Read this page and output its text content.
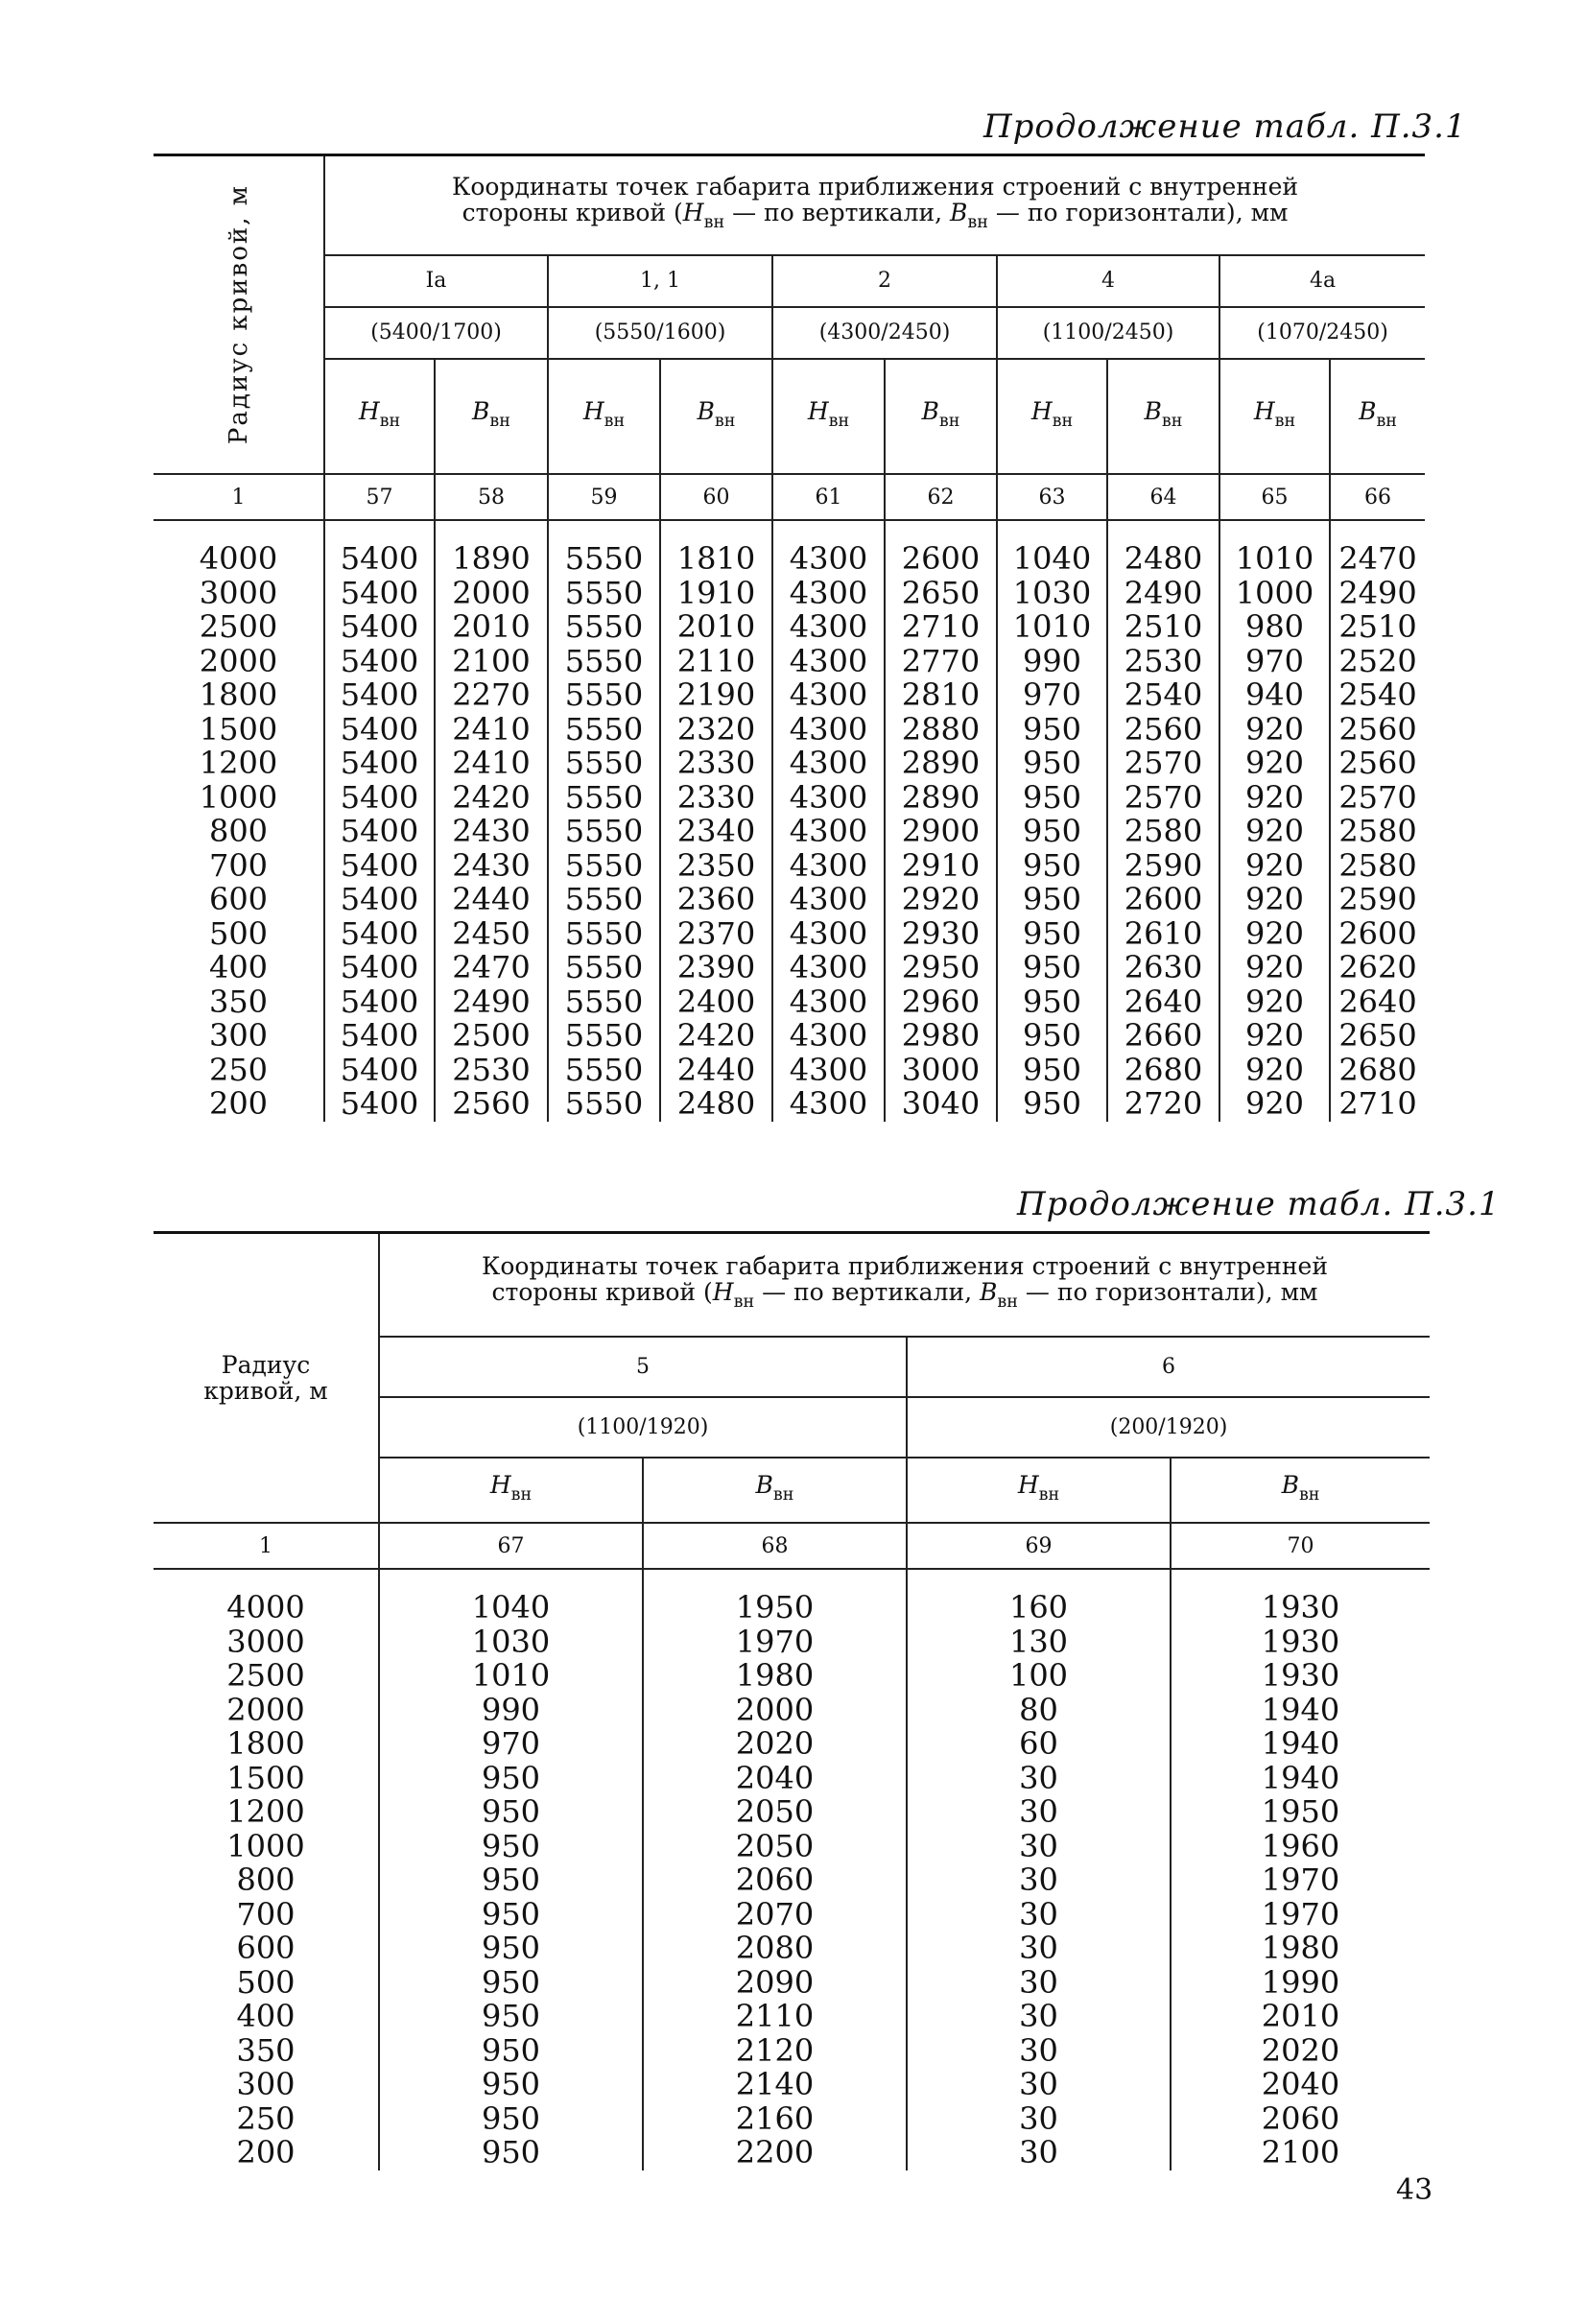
Продолжение табл. П.3.1
Радиус кривой, м	Координаты точек габарита приближения строений с внутренней
стороны кривой ($H_{вн}$ — по вертикали, $B_{вн}$ — по горизонтали), мм									

	Ia		1, 1		2		4		4a	
	(5400/1700)		(5550/1600)		(4300/2450)		(1100/2450)		(1070/2450)	
	$H_{вн}$	$B_{вн}$	$H_{вн}$	$B_{вн}$	$H_{вн}$	$B_{вн}$	$H_{вн}$	$B_{вн}$	$H_{вн}$	$B_{вн}$
1	57	58	59	60	61	62	63	64	65	66

4000	5400	1890	5550	1810	4300	2600	1040	2480	1010	2470
3000	5400	2000	5550	1910	4300	2650	1030	2490	1000	2490
2500	5400	2010	5550	2010	4300	2710	1010	2510	980	2510
2000	5400	2100	5550	2110	4300	2770	990	2530	970	2520
1800	5400	2270	5550	2190	4300	2810	970	2540	940	2540
1500	5400	2410	5550	2320	4300	2880	950	2560	920	2560
1200	5400	2410	5550	2330	4300	2890	950	2570	920	2560
1000	5400	2420	5550	2330	4300	2890	950	2570	920	2570
800	5400	2430	5550	2340	4300	2900	950	2580	920	2580
700	5400	2430	5550	2350	4300	2910	950	2590	920	2580
600	5400	2440	5550	2360	4300	2920	950	2600	920	2590
500	5400	2450	5550	2370	4300	2930	950	2610	920	2600
400	5400	2470	5550	2390	4300	2950	950	2630	920	2620
350	5400	2490	5550	2400	4300	2960	950	2640	920	2640
300	5400	2500	5550	2420	4300	2980	950	2660	920	2650
250	5400	2530	5550	2440	4300	3000	950	2680	920	2680
200	5400	2560	5550	2480	4300	3040	950	2720	920	2710
Продолжение табл. П.3.1
Радиус кривой, м	Координаты точек габарита приближения строений с внутренней
стороны кривой ($H_{вн}$ — по вертикали, $B_{вн}$ — по горизонтали), мм			

	5		6	
	(1100/1920)		(200/1920)	
	$H_{вн}$	$B_{вн}$	$H_{вн}$	$B_{вн}$
1	67	68	69	70

4000	1040	1950	160	1930
3000	1030	1970	130	1930
2500	1010	1980	100	1930
2000	990	2000	80	1940
1800	970	2020	60	1940
1500	950	2040	30	1940
1200	950	2050	30	1950
1000	950	2050	30	1960
800	950	2060	30	1970
700	950	2070	30	1970
600	950	2080	30	1980
500	950	2090	30	1990
400	950	2110	30	2010
350	950	2120	30	2020
300	950	2140	30	2040
250	950	2160	30	2060
200	950	2200	30	2100
43
